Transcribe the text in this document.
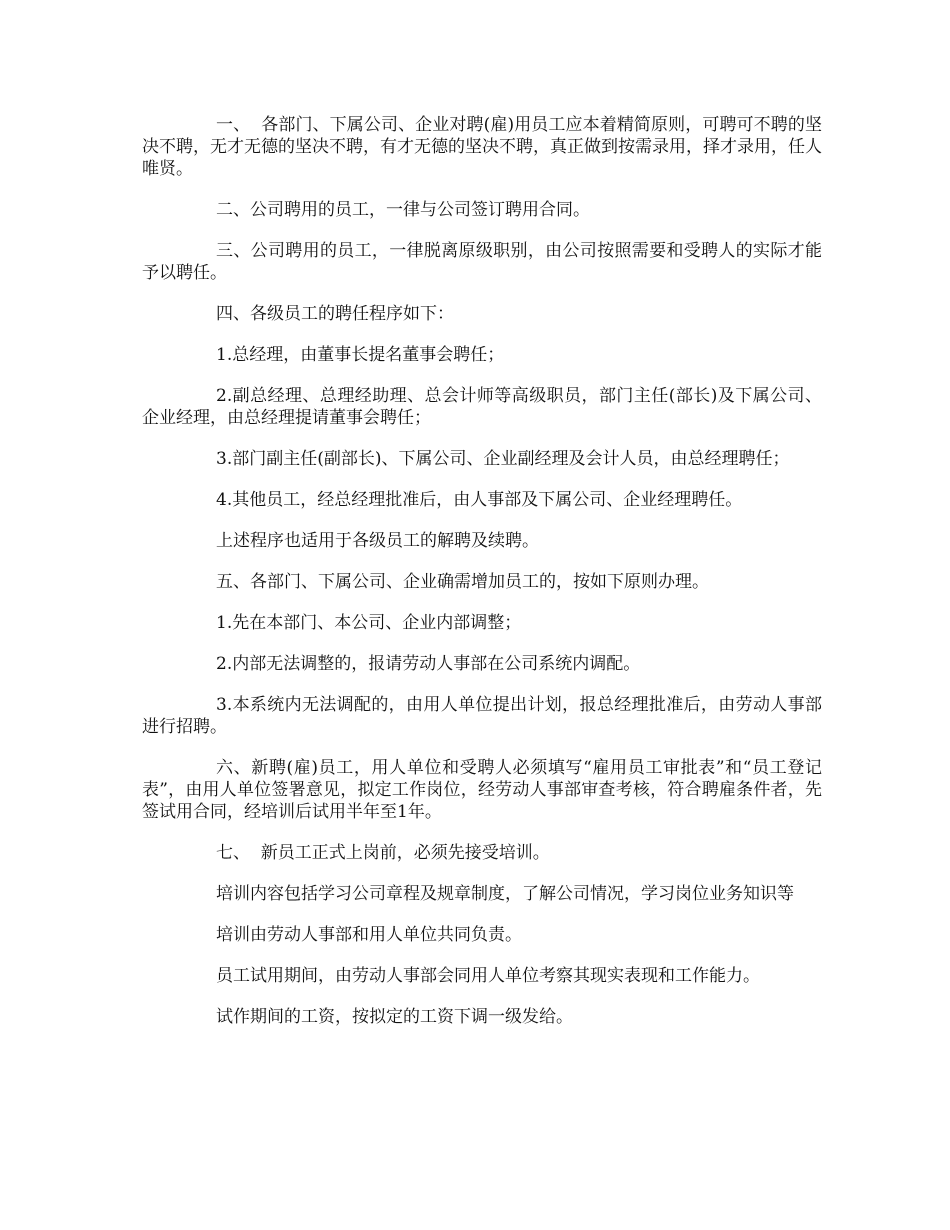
一、  各部门、下属公司、企业对聘(雇)用员工应本着精简原则，可聘可不聘的坚决不聘，无才无德的坚决不聘，有才无德的坚决不聘，真正做到按需录用，择才录用，任人唯贤。

二、公司聘用的员工，一律与公司签订聘用合同。

三、公司聘用的员工，一律脱离原级职别，由公司按照需要和受聘人的实际才能予以聘任。

四、各级员工的聘任程序如下：

1.总经理，由董事长提名董事会聘任；

2.副总经理、总理经助理、总会计师等高级职员，部门主任(部长)及下属公司、企业经理，由总经理提请董事会聘任；

3.部门副主任(副部长)、下属公司、企业副经理及会计人员，由总经理聘任；

4.其他员工，经总经理批准后，由人事部及下属公司、企业经理聘任。

上述程序也适用于各级员工的解聘及续聘。

五、各部门、下属公司、企业确需增加员工的，按如下原则办理。

1.先在本部门、本公司、企业内部调整；

2.内部无法调整的，报请劳动人事部在公司系统内调配。

3.本系统内无法调配的，由用人单位提出计划，报总经理批准后，由劳动人事部进行招聘。

六、新聘(雇)员工，用人单位和受聘人必须填写“雇用员工审批表”和“员工登记表”，由用人单位签署意见，拟定工作岗位，经劳动人事部审查考核，符合聘雇条件者，先签试用合同，经培训后试用半年至1年。

七、  新员工正式上岗前，必须先接受培训。

培训内容包括学习公司章程及规章制度，了解公司情况，学习岗位业务知识等

培训由劳动人事部和用人单位共同负责。

员工试用期间，由劳动人事部会同用人单位考察其现实表现和工作能力。

试作期间的工资，按拟定的工资下调一级发给。
